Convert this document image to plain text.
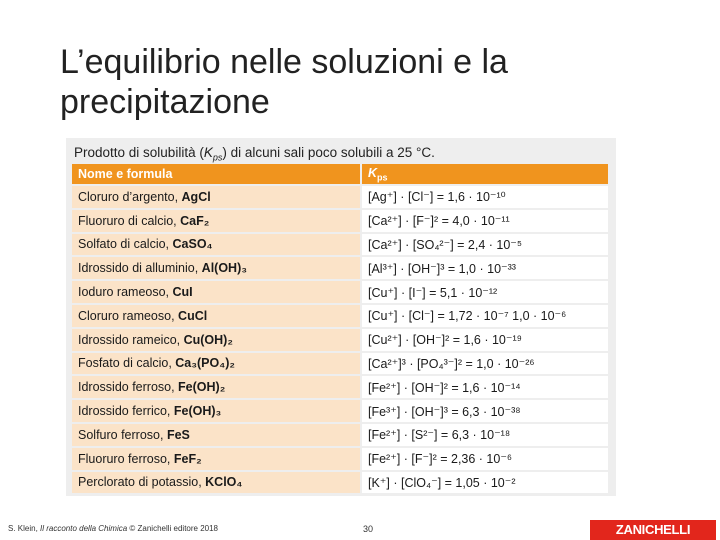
L’equilibrio nelle soluzioni e la precipitazione
Prodotto di solubilità $(K_{ps})$ di alcuni sali poco solubili a 25 °C.
Nome e formula	$K_{ps}$
Cloruro d’argento, AgCl	[Ag⁺] · [Cl⁻] = 1,6 · 10⁻¹⁰
Fluoruro di calcio, CaF₂	[Ca²⁺] · [F⁻]² = 4,0 · 10⁻¹¹
Solfato di calcio, CaSO₄	[Ca²⁺] · [SO₄²⁻] = 2,4 · 10⁻⁵
Idrossido di alluminio, Al(OH)₃	[Al³⁺] · [OH⁻]³ = 1,0 · 10⁻³³
Ioduro rameoso, CuI	[Cu⁺] · [I⁻] = 5,1 · 10⁻¹²
Cloruro rameoso, CuCl	[Cu⁺] · [Cl⁻] = 1,72 · 10⁻⁷ 1,0 · 10⁻⁶
Idrossido rameico, Cu(OH)₂	[Cu²⁺] · [OH⁻]² = 1,6 · 10⁻¹⁹
Fosfato di calcio, Ca₃(PO₄)₂	[Ca²⁺]³ · [PO₄³⁻]² = 1,0 · 10⁻²⁶
Idrossido ferroso, Fe(OH)₂	[Fe²⁺] · [OH⁻]² = 1,6 · 10⁻¹⁴
Idrossido ferrico, Fe(OH)₃	[Fe³⁺] · [OH⁻]³ = 6,3 · 10⁻³⁸
Solfuro ferroso, FeS	[Fe²⁺] · [S²⁻] = 6,3 · 10⁻¹⁸
Fluoruro ferroso, FeF₂	[Fe²⁺] · [F⁻]² = 2,36 · 10⁻⁶
Perclorato di potassio, KClO₄	[K⁺] · [ClO₄⁻] = 1,05 · 10⁻²
S. Klein, Il racconto della Chimica © Zanichelli editore 2018	30	ZANICHELLI
